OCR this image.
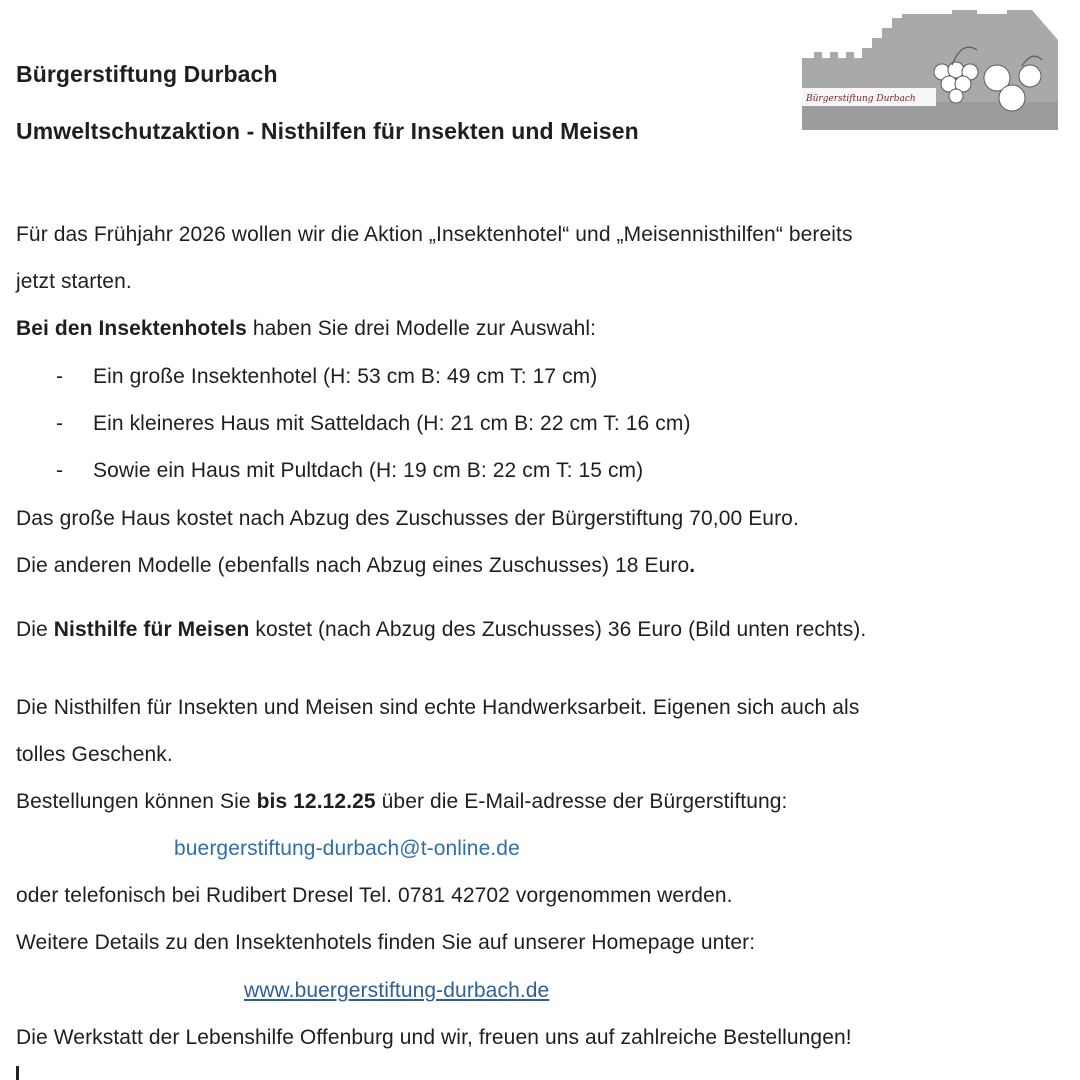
Bürgerstiftung Durbach
Bürgerstiftung Durbach
Umweltschutzaktion - Nisthilfen für Insekten und Meisen
Für das Frühjahr 2026 wollen wir die Aktion „Insektenhotel“ und „Meisennisthilfen“ bereits
jetzt starten.
Bei den Insektenhotels haben Sie drei Modelle zur Auswahl:
- Ein große Insektenhotel (H: 53 cm B: 49 cm T: 17 cm)
- Ein kleineres Haus mit Satteldach (H: 21 cm B: 22 cm T: 16 cm)
- Sowie ein Haus mit Pultdach (H: 19 cm B: 22 cm T: 15 cm)
Das große Haus kostet nach Abzug des Zuschusses der Bürgerstiftung 70,00 Euro.
Die anderen Modelle (ebenfalls nach Abzug eines Zuschusses) 18 Euro.
Die Nisthilfe für Meisen kostet (nach Abzug des Zuschusses) 36 Euro (Bild unten rechts).
Die Nisthilfen für Insekten und Meisen sind echte Handwerksarbeit. Eigenen sich auch als
tolles Geschenk.
Bestellungen können Sie bis 12.12.25 über die E-Mail-adresse der Bürgerstiftung:
buergerstiftung-durbach@t-online.de
oder telefonisch bei Rudibert Dresel Tel. 0781 42702 vorgenommen werden.
Weitere Details zu den Insektenhotels finden Sie auf unserer Homepage unter:
www.buergerstiftung-durbach.de
Die Werkstatt der Lebenshilfe Offenburg und wir, freuen uns auf zahlreiche Bestellungen!
